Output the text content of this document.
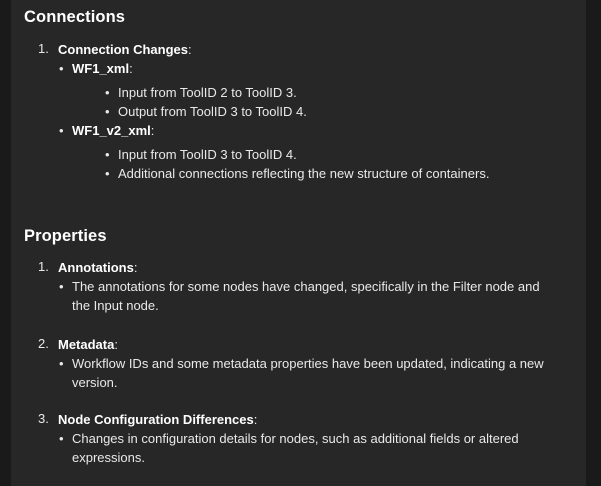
Connections
1. Connection Changes:
• WF1_xml:
• Input from ToolID 2 to ToolID 3.
• Output from ToolID 3 to ToolID 4.
• WF1_v2_xml:
• Input from ToolID 3 to ToolID 4.
• Additional connections reflecting the new structure of containers.
Properties
1. Annotations:
• The annotations for some nodes have changed, specifically in the Filter node and the Input node.
2. Metadata:
• Workflow IDs and some metadata properties have been updated, indicating a new version.
3. Node Configuration Differences:
• Changes in configuration details for nodes, such as additional fields or altered expressions.
